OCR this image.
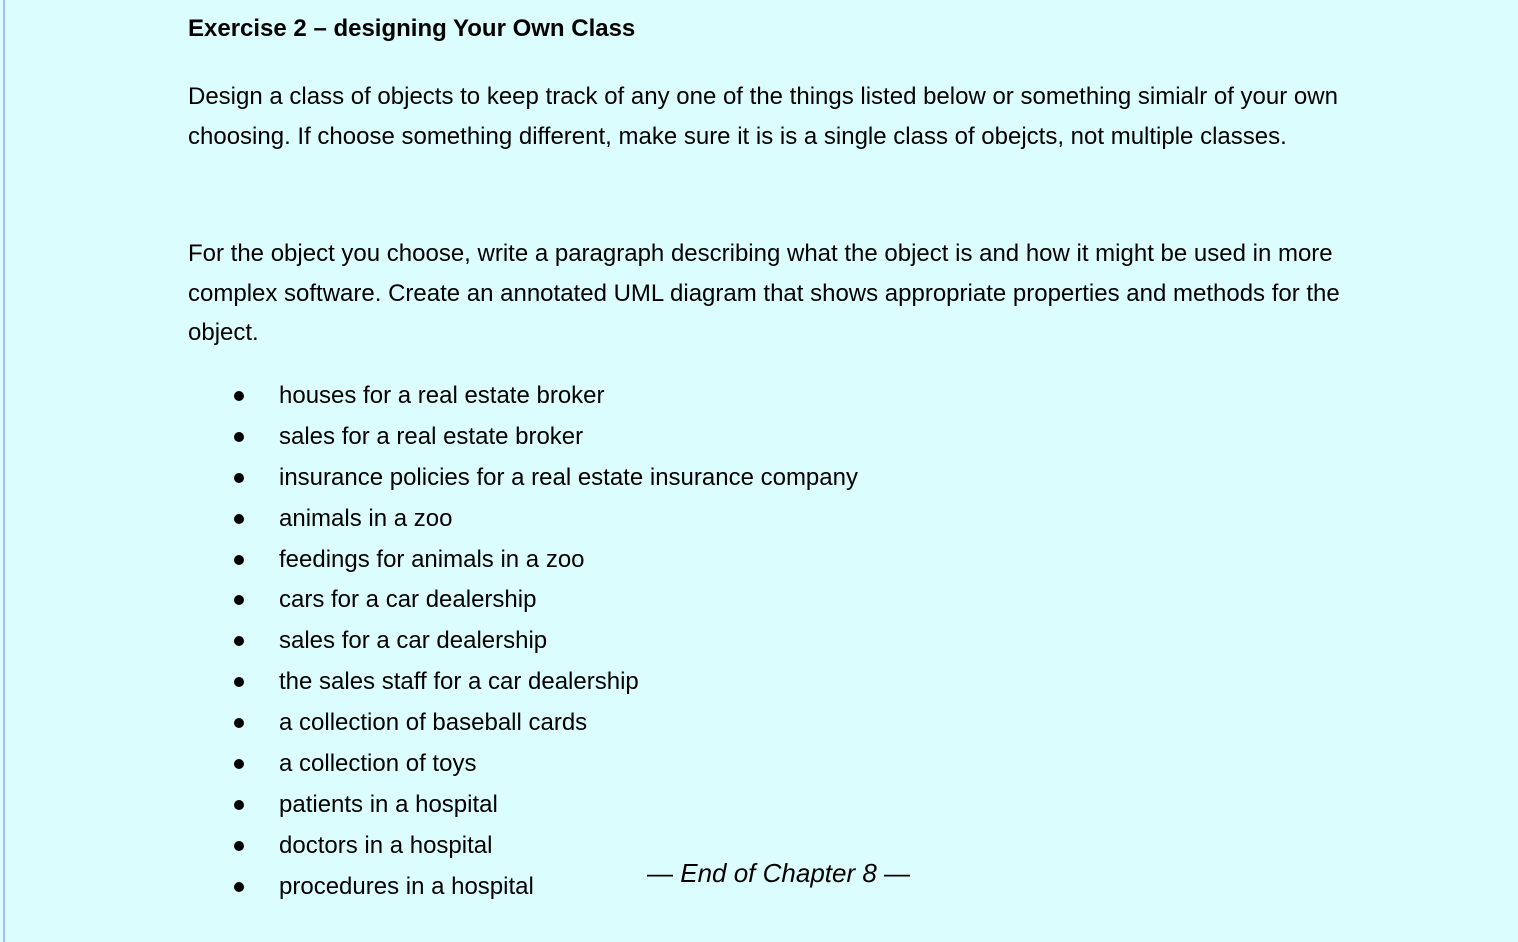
Exercise 2 – designing Your Own Class

Design a class of objects to keep track of any one of the things listed below or something simialr of your own choosing. If choose something different, make sure it is is a single class of obejcts, not multiple classes.

For the object you choose, write a paragraph describing what the object is and how it might be used in more complex software. Create an annotated UML diagram that shows appropriate properties and methods for the object.

houses for a real estate broker
sales for a real estate broker
insurance policies for a real estate insurance company
animals in a zoo
feedings for animals in a zoo
cars for a car dealership
sales for a car dealership
the sales staff for a car dealership
a collection of baseball cards
a collection of toys
patients in a hospital
doctors in a hospital
procedures in a hospital	— End of Chapter 8 —
